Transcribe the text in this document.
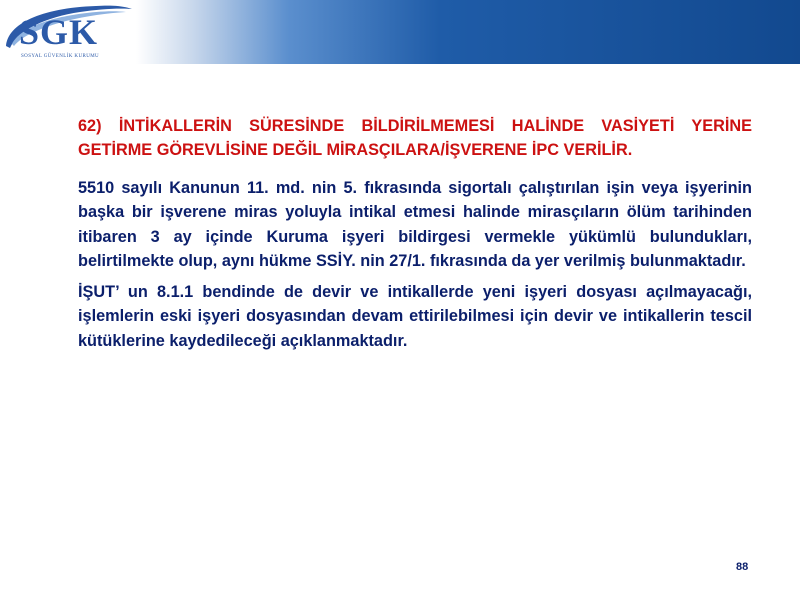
SGK
SOSYAL GÜVENLİK KURUMU

62) İNTİKALLERİN SÜRESİNDE BİLDİRİLMEMESİ HALİNDE VASİYETİ YERİNE GETİRME GÖREVLİSİNE DEĞİL MİRASÇILARA/İŞVERENE İPC VERİLİR.

5510 sayılı Kanunun 11. md. nin 5. fıkrasında sigortalı çalıştırılan işin veya işyerinin başka bir işverene miras yoluyla intikal etmesi halinde mirasçıların ölüm tarihinden itibaren 3 ay içinde Kuruma işyeri bildirgesi vermekle yükümlü bulundukları, belirtilmekte olup, aynı hükme SSİY. nin 27/1. fıkrasında da yer verilmiş bulunmaktadır.

İŞUT’ un 8.1.1 bendinde de devir ve intikallerde yeni işyeri dosyası açılmayacağı, işlemlerin eski işyeri dosyasından devam ettirilebilmesi için devir ve intikallerin tescil kütüklerine kaydedileceği açıklanmaktadır.

88
